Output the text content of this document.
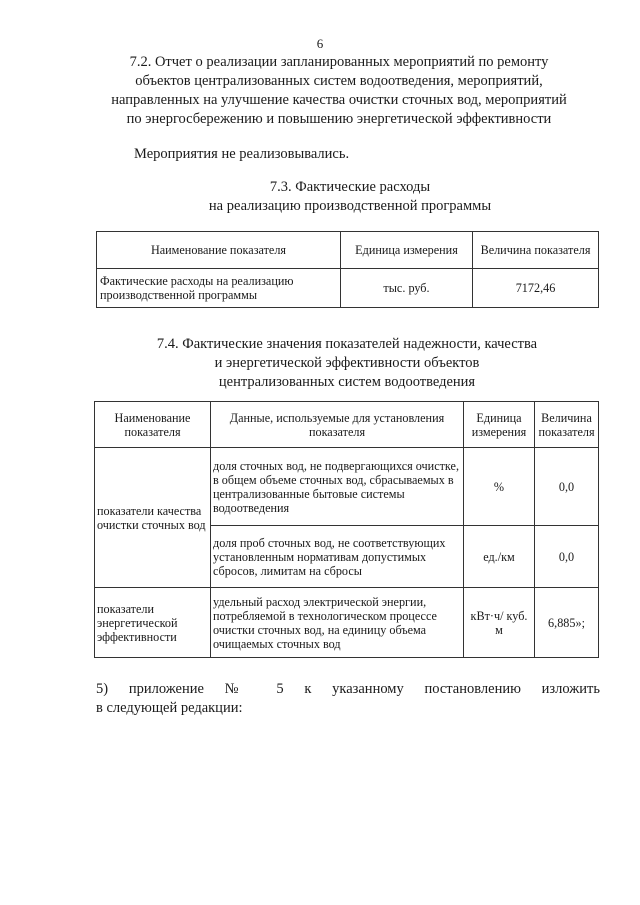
6
7.2. Отчет о реализации запланированных мероприятий по ремонту
объектов централизованных систем водоотведения, мероприятий,
направленных на улучшение качества очистки сточных вод, мероприятий
по энергосбережению и повышению энергетической эффективности
Мероприятия не реализовывались.
7.3. Фактические расходы
на реализацию производственной программы
Наименование показателя	Единица измерения	Величина показателя
Фактические расходы на реализацию производственной программы	тыс. руб.	7172,46
7.4. Фактические значения показателей надежности, качества
и энергетической эффективности объектов
централизованных систем водоотведения
Наименование показателя	Данные, используемые для установления показателя	Единица измерения	Величина показателя
показатели качества очистки сточных вод	доля сточных вод, не подвергающихся очистке, в общем объеме сточных вод, сбрасываемых в централизованные бытовые системы водоотведения	%	0,0
	доля проб сточных вод, не соответствующих установленным нормативам допустимых сбросов, лимитам на сбросы	ед./км	0,0
показатели энергетической эффективности	удельный расход электрической энергии, потребляемой в технологическом процессе очистки сточных вод, на единицу объема очищаемых сточных вод	кВт·ч/ куб. м	6,885»;
5) приложение № 5 к указанному постановлению изложить
в следующей редакции:
